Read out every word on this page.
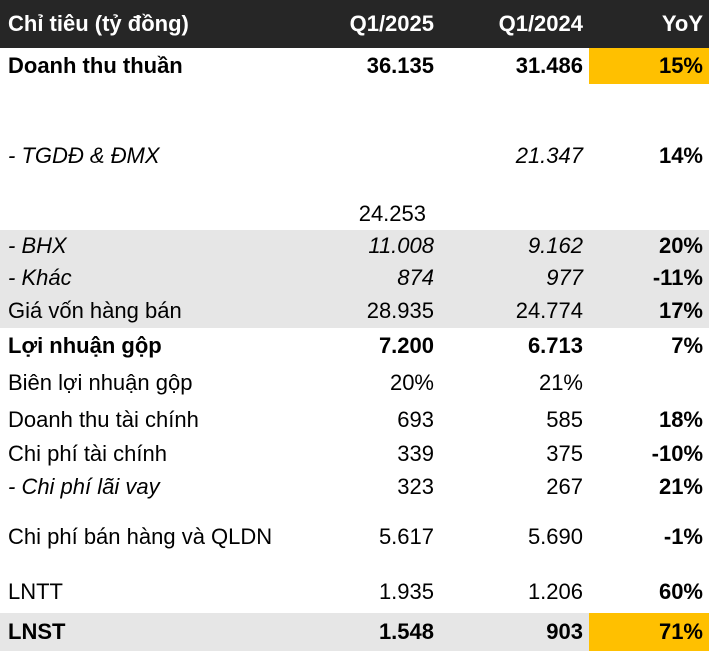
Chỉ tiêu (tỷ đồng)	Q1/2025	Q1/2024	YoY
Doanh thu thuần	36.135	31.486	15%
- TGDĐ & ĐMX	24.253	21.347	14%
- BHX	11.008	9.162	20%
- Khác	874	977	-11%
Giá vốn hàng bán	28.935	24.774	17%
Lợi nhuận gộp	7.200	6.713	7%
Biên lợi nhuận gộp	20%	21%	
Doanh thu tài chính	693	585	18%
Chi phí tài chính	339	375	-10%
- Chi phí lãi vay	323	267	21%
Chi phí bán hàng và QLDN	5.617	5.690	-1%
LNTT	1.935	1.206	60%
LNST	1.548	903	71%
